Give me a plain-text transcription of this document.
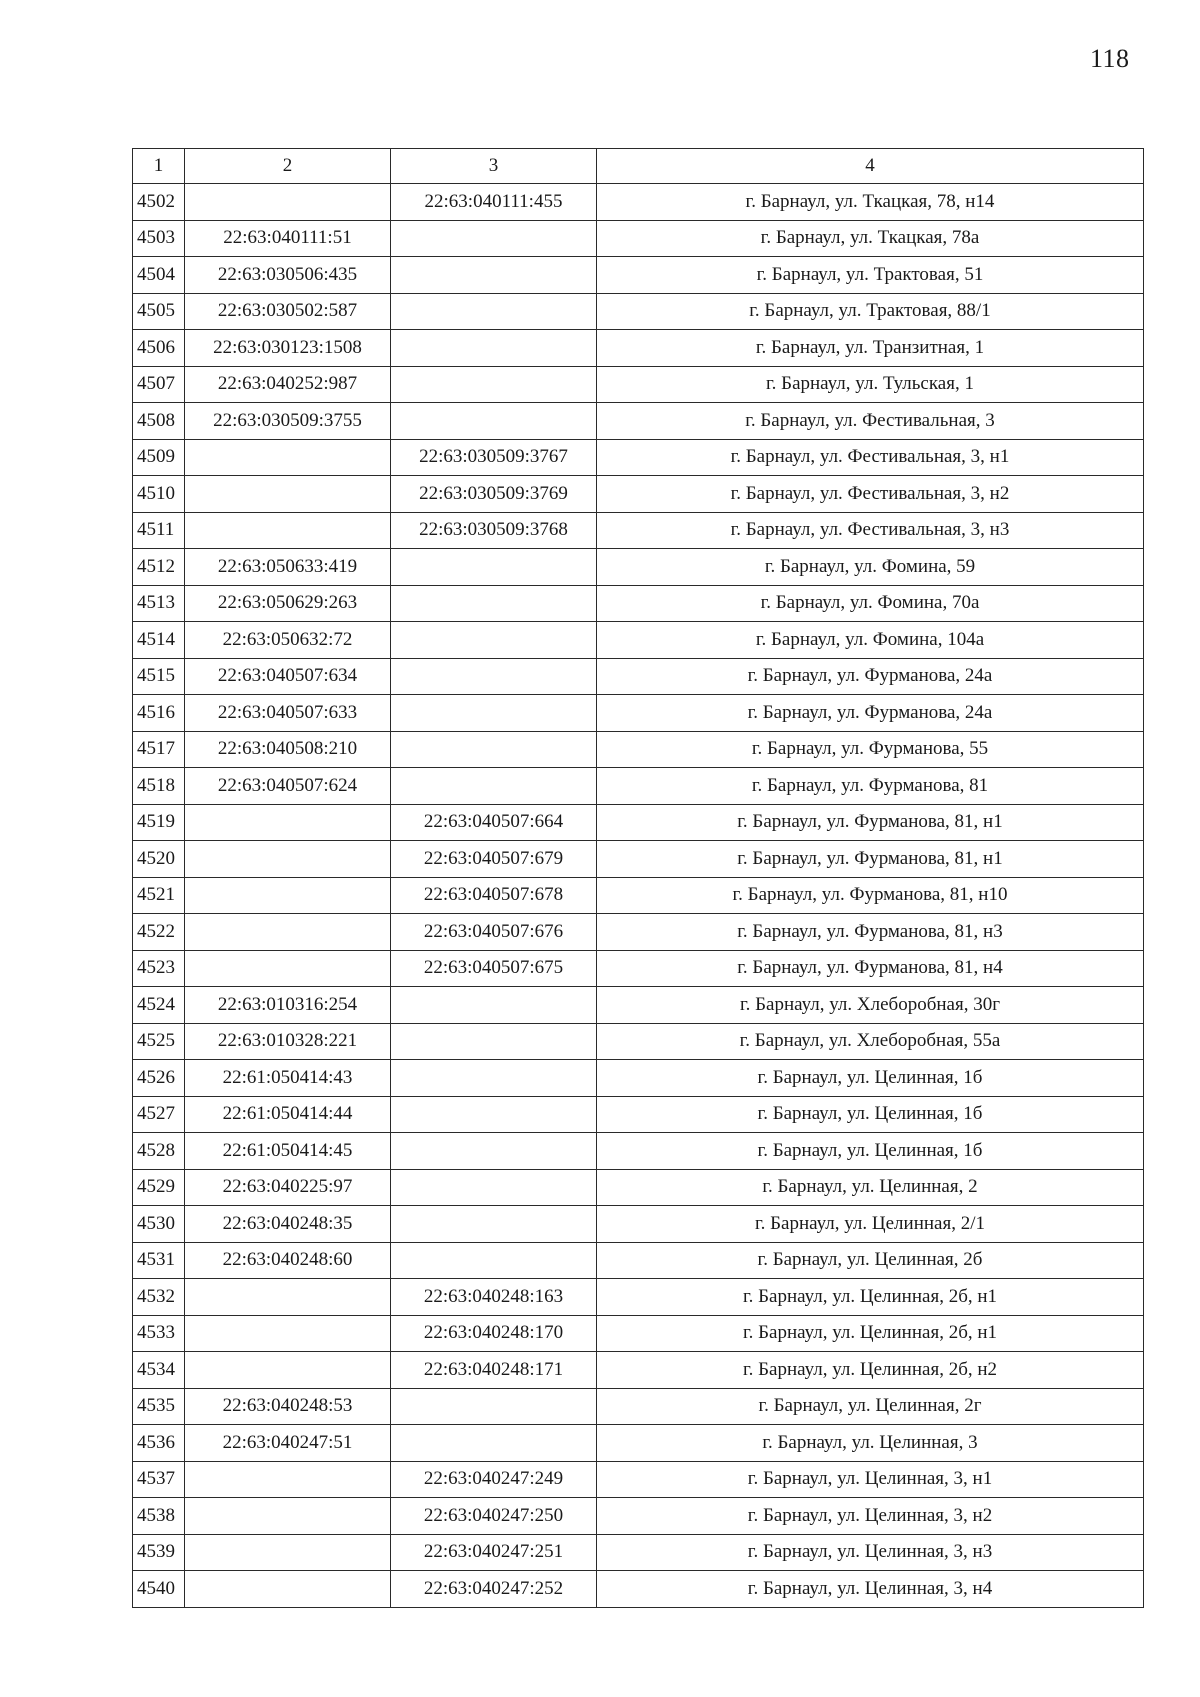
118
1	2	3	4
4502		22:63:040111:455	г. Барнаул, ул. Ткацкая, 78, н14
4503	22:63:040111:51		г. Барнаул, ул. Ткацкая, 78а
4504	22:63:030506:435		г. Барнаул, ул. Трактовая, 51
4505	22:63:030502:587		г. Барнаул, ул. Трактовая, 88/1
4506	22:63:030123:1508		г. Барнаул, ул. Транзитная, 1
4507	22:63:040252:987		г. Барнаул, ул. Тульская, 1
4508	22:63:030509:3755		г. Барнаул, ул. Фестивальная, 3
4509		22:63:030509:3767	г. Барнаул, ул. Фестивальная, 3, н1
4510		22:63:030509:3769	г. Барнаул, ул. Фестивальная, 3, н2
4511		22:63:030509:3768	г. Барнаул, ул. Фестивальная, 3, н3
4512	22:63:050633:419		г. Барнаул, ул. Фомина, 59
4513	22:63:050629:263		г. Барнаул, ул. Фомина, 70а
4514	22:63:050632:72		г. Барнаул, ул. Фомина, 104а
4515	22:63:040507:634		г. Барнаул, ул. Фурманова, 24а
4516	22:63:040507:633		г. Барнаул, ул. Фурманова, 24а
4517	22:63:040508:210		г. Барнаул, ул. Фурманова, 55
4518	22:63:040507:624		г. Барнаул, ул. Фурманова, 81
4519		22:63:040507:664	г. Барнаул, ул. Фурманова, 81, н1
4520		22:63:040507:679	г. Барнаул, ул. Фурманова, 81, н1
4521		22:63:040507:678	г. Барнаул, ул. Фурманова, 81, н10
4522		22:63:040507:676	г. Барнаул, ул. Фурманова, 81, н3
4523		22:63:040507:675	г. Барнаул, ул. Фурманова, 81, н4
4524	22:63:010316:254		г. Барнаул, ул. Хлеборобная, 30г
4525	22:63:010328:221		г. Барнаул, ул. Хлеборобная, 55а
4526	22:61:050414:43		г. Барнаул, ул. Целинная, 1б
4527	22:61:050414:44		г. Барнаул, ул. Целинная, 1б
4528	22:61:050414:45		г. Барнаул, ул. Целинная, 1б
4529	22:63:040225:97		г. Барнаул, ул. Целинная, 2
4530	22:63:040248:35		г. Барнаул, ул. Целинная, 2/1
4531	22:63:040248:60		г. Барнаул, ул. Целинная, 2б
4532		22:63:040248:163	г. Барнаул, ул. Целинная, 2б, н1
4533		22:63:040248:170	г. Барнаул, ул. Целинная, 2б, н1
4534		22:63:040248:171	г. Барнаул, ул. Целинная, 2б, н2
4535	22:63:040248:53		г. Барнаул, ул. Целинная, 2г
4536	22:63:040247:51		г. Барнаул, ул. Целинная, 3
4537		22:63:040247:249	г. Барнаул, ул. Целинная, 3, н1
4538		22:63:040247:250	г. Барнаул, ул. Целинная, 3, н2
4539		22:63:040247:251	г. Барнаул, ул. Целинная, 3, н3
4540		22:63:040247:252	г. Барнаул, ул. Целинная, 3, н4
